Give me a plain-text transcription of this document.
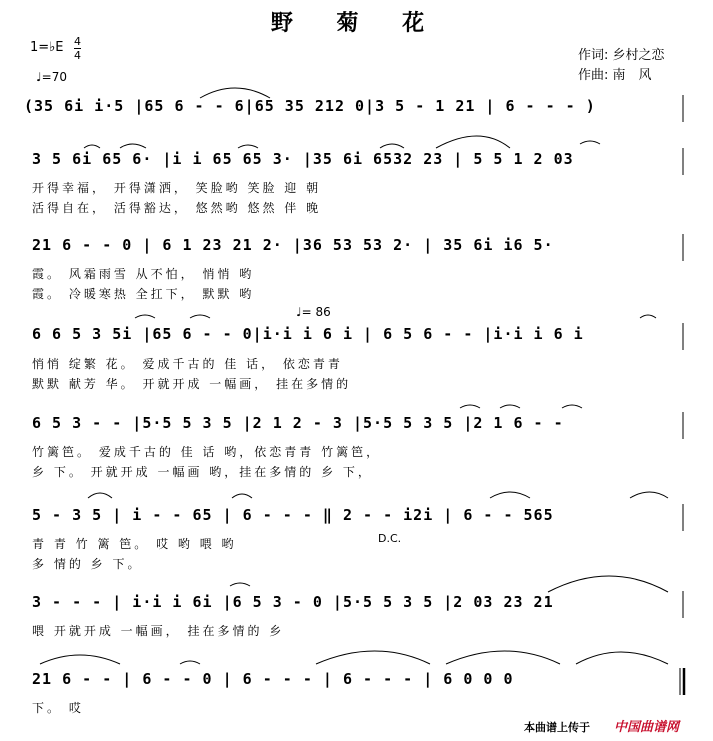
野 菊 花
1=♭E 4
4
♩=70
作词: 乡村之恋
作曲: 南　风
♩= 86
D.C.
(35 6i i·5 |65 6 - - 6|65 35 212 0|3 5 - 1 21 | 6 - - - )
3 5 6i 65 6· |i i 65 65 3· |35 6i 6532 23 | 5 5 1 2 03
开得幸福， 开得潇洒， 笑脸哟 笑脸 迎 朝
活得自在， 活得豁达， 悠然哟 悠然 伴 晚
21 6 - - 0 | 6 1 23 21 2· |36 53 53 2· | 35 6i i6 5·
霞。 风霜雨雪 从不怕， 悄悄 哟
霞。 冷暖寒热 全扛下， 默默 哟
6 6 5 3 5i |65 6 - - 0|i·i i 6 i | 6 5 6 - - |i·i i 6 i
悄悄 绽繁 花。 爱成千古的 佳 话， 依恋青青
默默 献芳 华。 开就开成 一幅画， 挂在多情的
6 5 3 - - |5·5 5 3 5 |2 1 2 - 3 |5·5 5 3 5 |2 1 6 - -
竹篱笆。 爱成千古的 佳 话 哟，依恋青青 竹篱笆，
乡 下。 开就开成 一幅画 哟，挂在多情的 乡 下，
5 - 3 5 | i - - 65 | 6 - - - ‖ 2 - - i2i | 6 - - 565
青 青 竹 篱 笆。 哎 哟 喂 哟
多 情的 乡 下。
3 - - - | i·i i 6i |6 5 3 - 0 |5·5 5 3 5 |2 03 23 21
喂 开就开成 一幅画， 挂在多情的 乡
21 6 - - | 6 - - 0 | 6 - - - | 6 - - - | 6 0 0 0
下。 哎
本曲谱上传于 中国曲谱网
